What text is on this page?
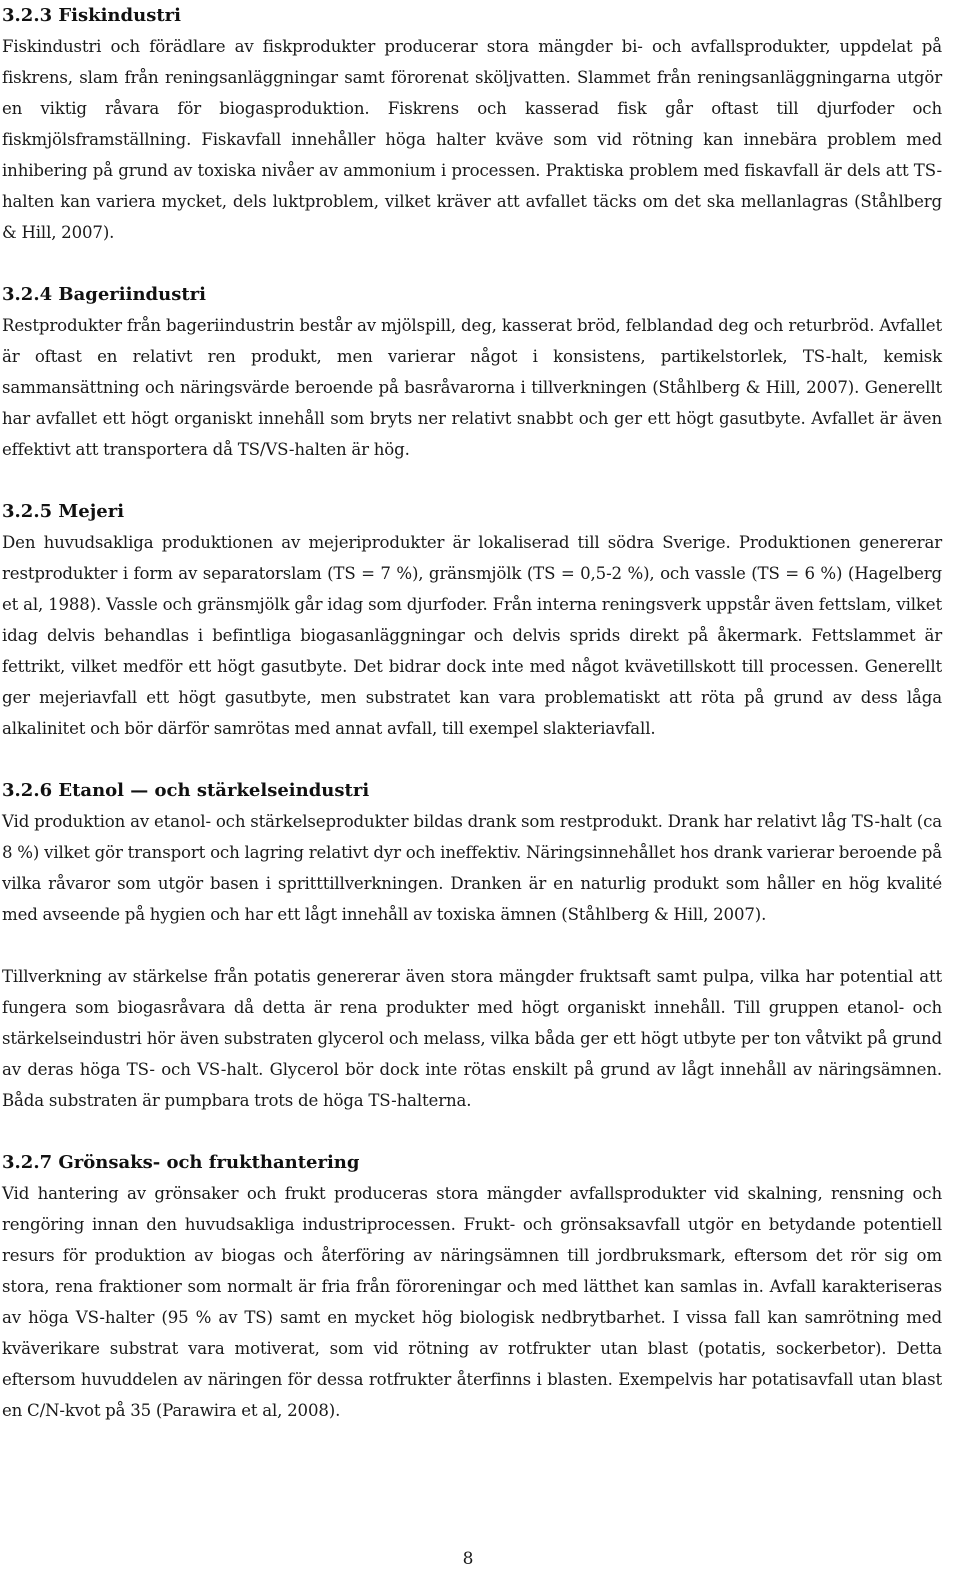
3.2.3 Fiskindustri

Fiskindustri och förädlare av fiskprodukter producerar stora mängder bi- och avfallsprodukter, uppdelat på fiskrens, slam från reningsanläggningar samt förorenat sköljvatten. Slammet från reningsanläggningarna utgör en viktig råvara för biogasproduktion. Fiskrens och kasserad fisk går oftast till djurfoder och fiskmjölsframställning. Fiskavfall innehåller höga halter kväve som vid rötning kan innebära problem med inhibering på grund av toxiska nivåer av ammonium i processen. Praktiska problem med fiskavfall är dels att TS-halten kan variera mycket, dels luktproblem, vilket kräver att avfallet täcks om det ska mellanlagras (Ståhlberg & Hill, 2007).

3.2.4 Bageriindustri

Restprodukter från bageriindustrin består av mjölspill, deg, kasserat bröd, felblandad deg och returbröd. Avfallet är oftast en relativt ren produkt, men varierar något i konsistens, partikelstorlek, TS-halt, kemisk sammansättning och näringsvärde beroende på basråvarorna i tillverkningen (Ståhlberg & Hill, 2007). Generellt har avfallet ett högt organiskt innehåll som bryts ner relativt snabbt och ger ett högt gasutbyte. Avfallet är även effektivt att transportera då TS/VS-halten är hög.

3.2.5 Mejeri

Den huvudsakliga produktionen av mejeriprodukter är lokaliserad till södra Sverige. Produktionen genererar restprodukter i form av separatorslam (TS = 7 %), gränsmjölk (TS = 0,5-2 %), och vassle (TS = 6 %) (Hagelberg et al, 1988). Vassle och gränsmjölk går idag som djurfoder. Från interna reningsverk uppstår även fettslam, vilket idag delvis behandlas i befintliga biogasanläggningar och delvis sprids direkt på åkermark. Fettslammet är fettrikt, vilket medför ett högt gasutbyte. Det bidrar dock inte med något kvävetillskott till processen. Generellt ger mejeriavfall ett högt gasutbyte, men substratet kan vara problematiskt att röta på grund av dess låga alkalinitet och bör därför samrötas med annat avfall, till exempel slakteriavfall.

3.2.6 Etanol — och stärkelseindustri

Vid produktion av etanol- och stärkelseprodukter bildas drank som restprodukt. Drank har relativt låg TS-halt (ca 8 %) vilket gör transport och lagring relativt dyr och ineffektiv. Näringsinnehållet hos drank varierar beroende på vilka råvaror som utgör basen i spritttillverkningen. Dranken är en naturlig produkt som håller en hög kvalité med avseende på hygien och har ett lågt innehåll av toxiska ämnen (Ståhlberg & Hill, 2007).

Tillverkning av stärkelse från potatis genererar även stora mängder fruktsaft samt pulpa, vilka har potential att fungera som biogasråvara då detta är rena produkter med högt organiskt innehåll. Till gruppen etanol- och stärkelseindustri hör även substraten glycerol och melass, vilka båda ger ett högt utbyte per ton våtvikt på grund av deras höga TS- och VS-halt. Glycerol bör dock inte rötas enskilt på grund av lågt innehåll av näringsämnen. Båda substraten är pumpbara trots de höga TS-halterna.

3.2.7 Grönsaks- och frukthantering

Vid hantering av grönsaker och frukt produceras stora mängder avfallsprodukter vid skalning, rensning och rengöring innan den huvudsakliga industriprocessen. Frukt- och grönsaksavfall utgör en betydande potentiell resurs för produktion av biogas och återföring av näringsämnen till jordbruksmark, eftersom det rör sig om stora, rena fraktioner som normalt är fria från föroreningar och med lätthet kan samlas in. Avfall karakteriseras av höga VS-halter (95 % av TS) samt en mycket hög biologisk nedbrytbarhet. I vissa fall kan samrötning med kväverikare substrat vara motiverat, som vid rötning av rotfrukter utan blast (potatis, sockerbetor). Detta eftersom huvuddelen av näringen för dessa rotfrukter återfinns i blasten. Exempelvis har potatisavfall utan blast en C/N-kvot på 35 (Parawira et al, 2008).

8
